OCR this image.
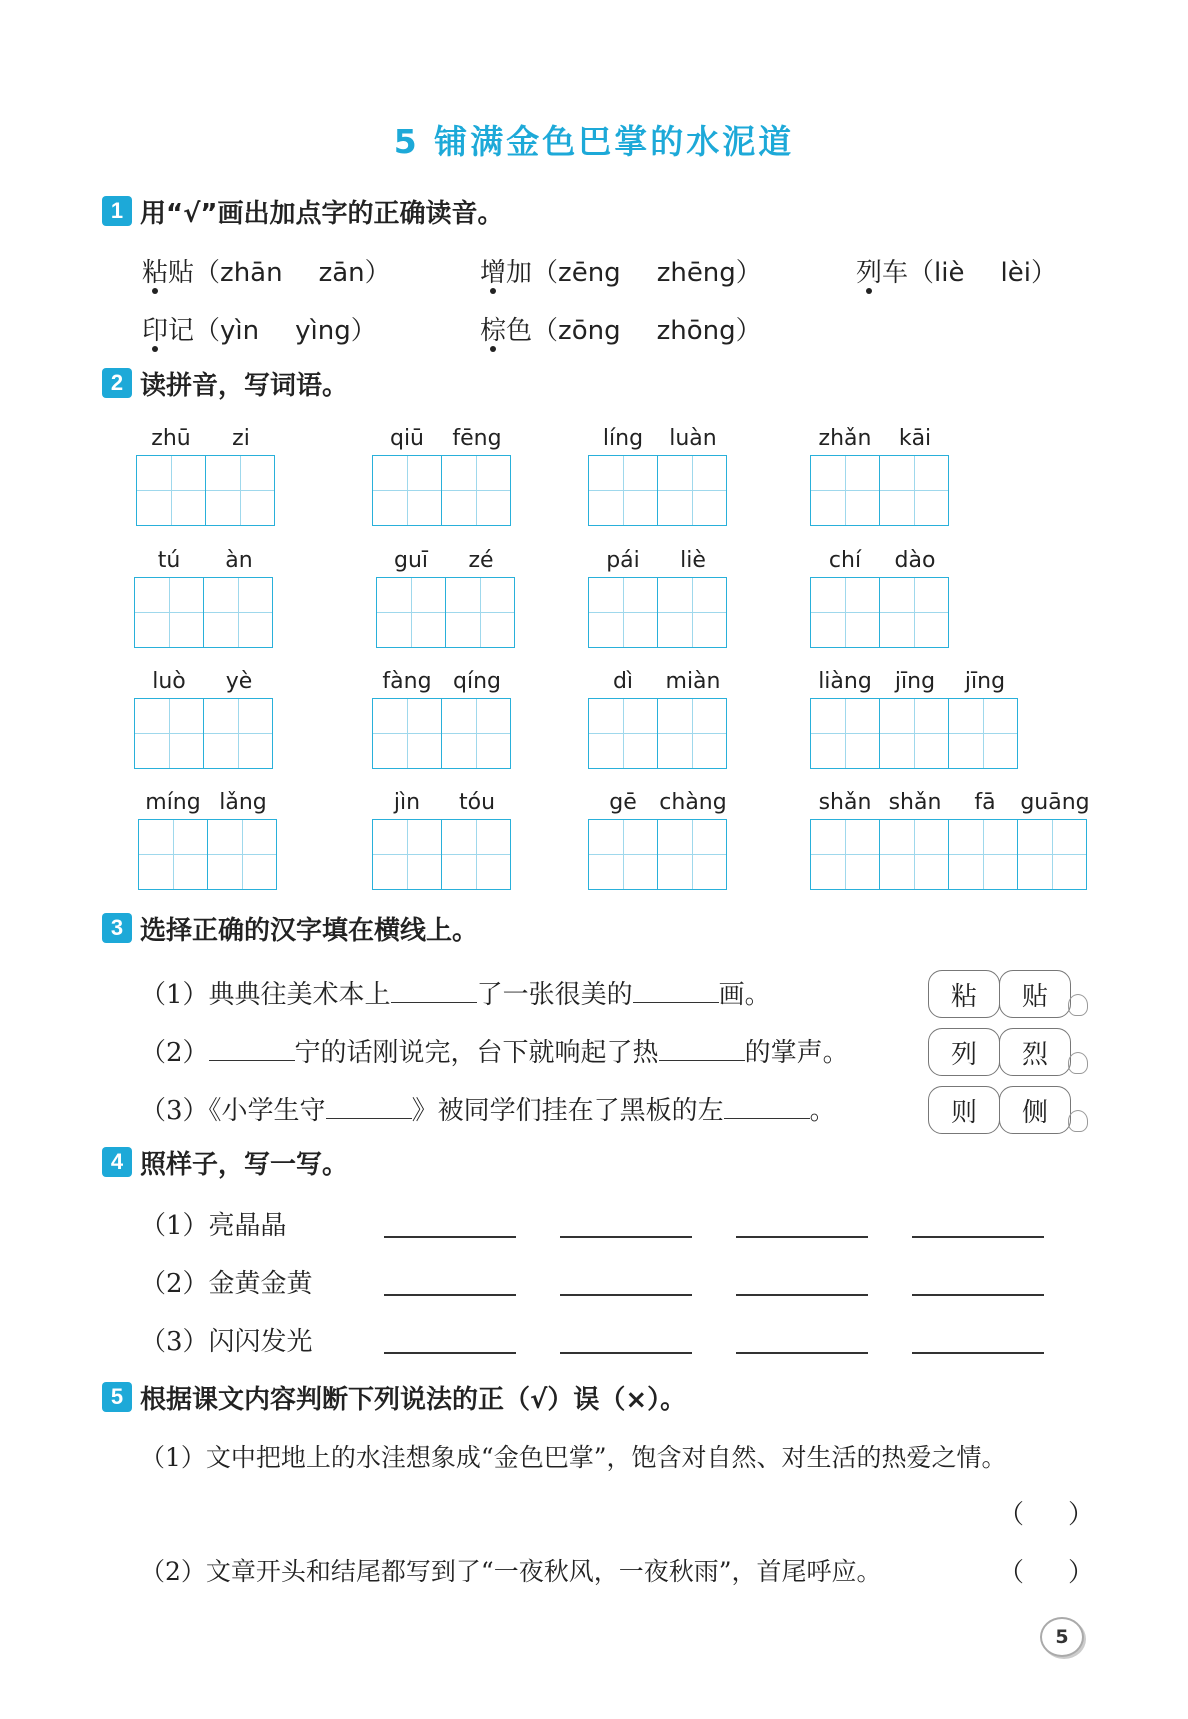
5 铺满金色巴掌的水泥道
1 用“√”画出加点字的正确读音。
粘贴（zhān zān）	增加（zēng zhēng）	列车（liè lèi）
印记（yìn yìng）	棕色（zōng zhōng）
2 读拼音，写词语。
zhū	zi	qiū	fēng	líng	luàn	zhǎn	kāi
tú	àn	guī	zé	pái	liè	chí	dào
luò	yè	fàng qíng	dì	miàn	liàng	jīng	jīng
míng lǎng	jìn	tóu	gē	chàng	shǎn shǎn	fā	guāng
3 选择正确的汉字填在横线上。
（1）典典往美术本上	了一张很美的	画。
（2）	宁的话刚说完，台下就响起了热	的掌声。
（3）《小学生守	》被同学们挂在了黑板的左	。
粘	贴
列	烈
则	侧
4 照样子，写一写。
（1）亮晶晶
（2）金黄金黄
（3）闪闪发光
5 根据课文内容判断下列说法的正（√）误（×）。
（1）文中把地上的水洼想象成“金色巴掌”，饱含对自然、对生活的热爱之情。
（ ）
（2）文章开头和结尾都写到了“一夜秋风，一夜秋雨”，首尾呼应。	（ ）
5
